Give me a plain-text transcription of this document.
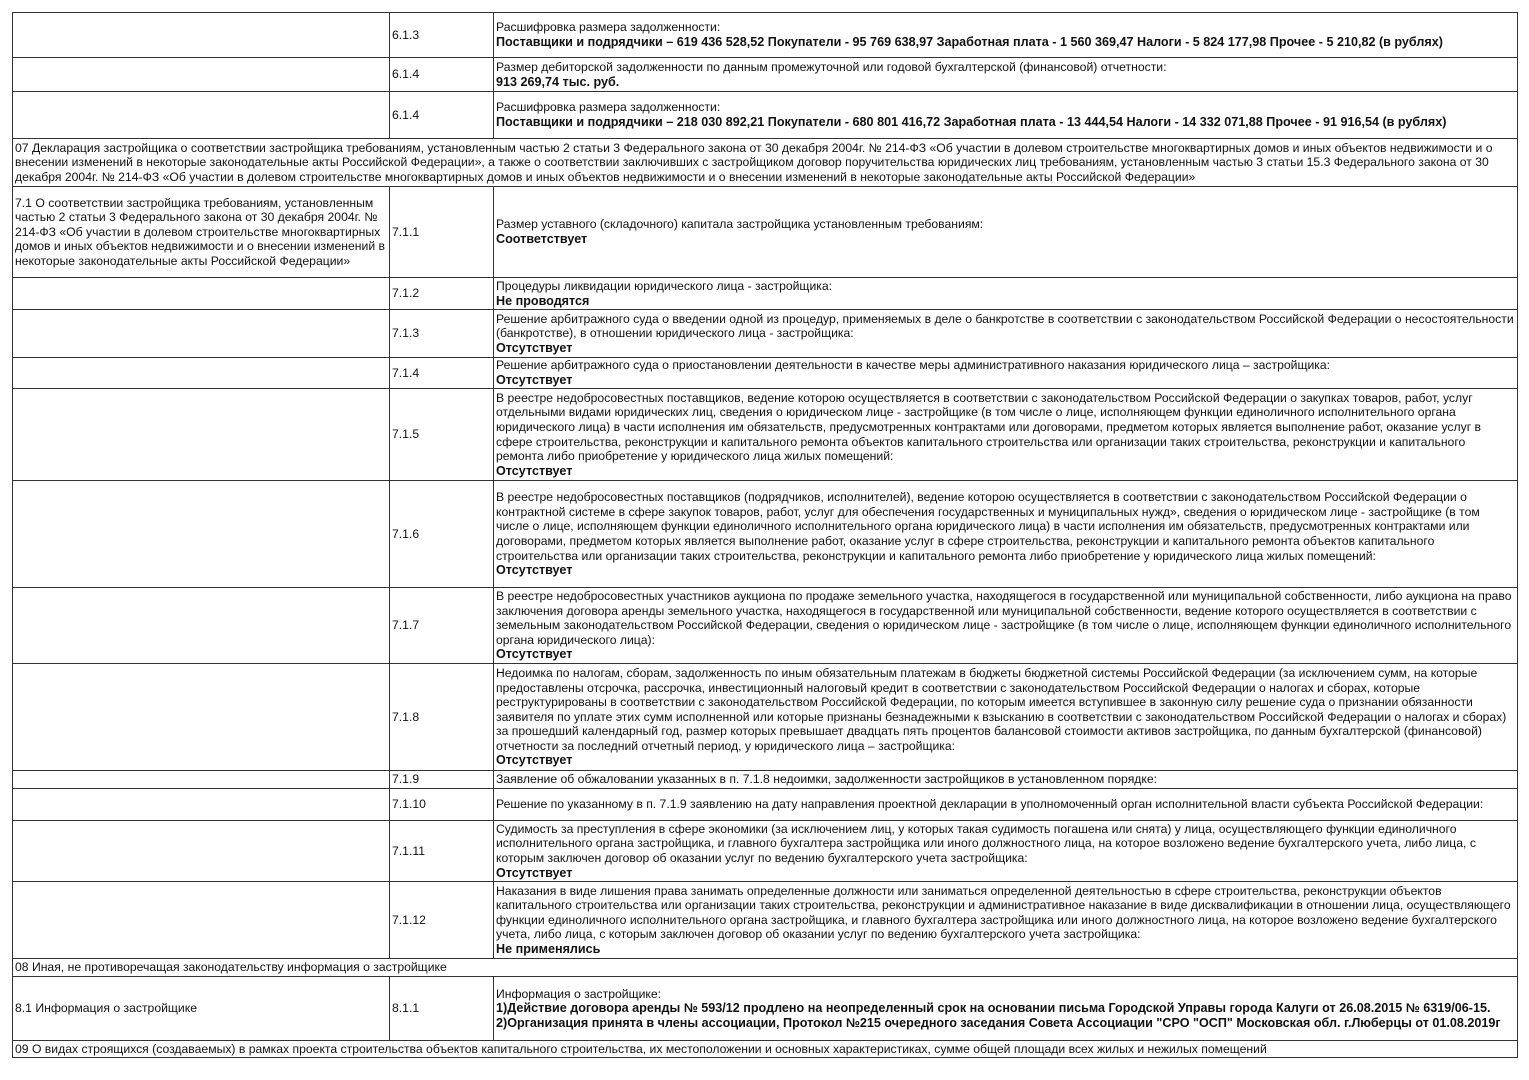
	6.1.3	Расшифровка размера задолженности:
Поставщики и подрядчики – 619 436 528,52 Покупатели - 95 769 638,97 Заработная плата - 1 560 369,47 Налоги - 5 824 177,98 Прочее - 5 210,82 (в рублях)
	6.1.4	Размер дебиторской задолженности по данным промежуточной или годовой бухгалтерской (финансовой) отчетности:
913 269,74 тыс. руб.
	6.1.4	Расшифровка размера задолженности:
Поставщики и подрядчики – 218 030 892,21 Покупатели - 680 801 416,72 Заработная плата - 13 444,54 Налоги - 14 332 071,88 Прочее - 91 916,54 (в рублях)
07 Декларация застройщика о соответствии застройщика требованиям, установленным частью 2 статьи 3 Федерального закона от 30 декабря 2004г. № 214-ФЗ «Об участии в долевом строительстве многоквартирных домов и иных объектов недвижимости и о внесении изменений в некоторые законодательные акты Российской Федерации», а также о соответствии заключивших с застройщиком договор поручительства юридических лиц требованиям, установленным частью 3 статьи 15.3 Федерального закона от 30 декабря 2004г. № 214-ФЗ «Об участии в долевом строительстве многоквартирных домов и иных объектов недвижимости и о внесении изменений в некоторые законодательные акты Российской Федерации»		
7.1 О соответствии застройщика требованиям, установленным частью 2 статьи 3 Федерального закона от 30 декабря 2004г. № 214-ФЗ «Об участии в долевом строительстве многоквартирных домов и иных объектов недвижимости и о внесении изменений в некоторые законодательные акты Российской Федерации»	7.1.1	Размер уставного (складочного) капитала застройщика установленным требованиям:
Соответствует
	7.1.2	Процедуры ликвидации юридического лица - застройщика:
Не проводятся
	7.1.3	Решение арбитражного суда о введении одной из процедур, применяемых в деле о банкротстве в соответствии с законодательством Российской Федерации о несостоятельности (банкротстве), в отношении юридического лица - застройщика:
Отсутствует
	7.1.4	Решение арбитражного суда о приостановлении деятельности в качестве меры административного наказания юридического лица – застройщика:
Отсутствует
	7.1.5	В реестре недобросовестных поставщиков, ведение которою осуществляется в соответствии с законодательством Российской Федерации о закупках товаров, работ, услуг отдельными видами юридических лиц, сведения о юридическом лице - застройщике (в том числе о лице, исполняющем функции единоличного исполнительного органа юридического лица) в части исполнения им обязательств, предусмотренных контрактами или договорами, предметом которых является выполнение работ, оказание услуг в сфере строительства, реконструкции и капитального ремонта объектов капитального строительства или организации таких строительства, реконструкции и капитального ремонта либо приобретение у юридического лица жилых помещений:
Отсутствует
	7.1.6	В реестре недобросовестных поставщиков (подрядчиков, исполнителей), ведение которою осуществляется в соответствии с законодательством Российской Федерации о контрактной системе в сфере закупок товаров, работ, услуг для обеспечения государственных и муниципальных нужд», сведения о юридическом лице - застройщике (в том числе о лице, исполняющем функции единоличного исполнительного органа юридического лица) в части исполнения им обязательств, предусмотренных контрактами или договорами, предметом которых является выполнение работ, оказание услуг в сфере строительства, реконструкции и капитального ремонта объектов капитального строительства или организации таких строительства, реконструкции и капитального ремонта либо приобретение у юридического лица жилых помещений:
Отсутствует
	7.1.7	В реестре недобросовестных участников аукциона по продаже земельного участка, находящегося в государственной или муниципальной собственности, либо аукциона на право заключения договора аренды земельного участка, находящегося в государственной или муниципальной собственности, ведение которого осуществляется в соответствии с земельным законодательством Российской Федерации, сведения о юридическом лице - застройщике (в том числе о лице, исполняющем функции единоличного исполнительного органа юридического лица):
Отсутствует
	7.1.8	Недоимка по налогам, сборам, задолженность по иным обязательным платежам в бюджеты бюджетной системы Российской Федерации (за исключением сумм, на которые предоставлены отсрочка, рассрочка, инвестиционный налоговый кредит в соответствии с законодательством Российской Федерации о налогах и сборах, которые реструктурированы в соответствии с законодательством Российской Федерации, по которым имеется вступившее в законную силу решение суда о признании обязанности заявителя по уплате этих сумм исполненной или которые признаны безнадежными к взысканию в соответствии с законодательством Российской Федерации о налогах и сборах) за прошедший календарный год, размер которых превышает двадцать пять процентов балансовой стоимости активов застройщика, по данным бухгалтерской (финансовой) отчетности за последний отчетный период, у юридического лица – застройщика:
Отсутствует
	7.1.9	Заявление об обжаловании указанных в п. 7.1.8 недоимки, задолженности застройщиков в установленном порядке:

	7.1.10	Решение по указанному в п. 7.1.9 заявлению на дату направления проектной декларации в уполномоченный орган исполнительной власти субъекта Российской Федерации:

	7.1.11	Судимость за преступления в сфере экономики (за исключением лиц, у которых такая судимость погашена или снята) у лица, осуществляющего функции единоличного исполнительного органа застройщика, и главного бухгалтера застройщика или иного должностного лица, на которое возложено ведение бухгалтерского учета, либо лица, с которым заключен договор об оказании услуг по ведению бухгалтерского учета застройщика:
Отсутствует
	7.1.12	Наказания в виде лишения права занимать определенные должности или заниматься определенной деятельностью в сфере строительства, реконструкции объектов капитального строительства или организации таких строительства, реконструкции и административное наказание в виде дисквалификации в отношении лица, осуществляющего функции единоличного исполнительного органа застройщика, и главного бухгалтера застройщика или иного должностного лица, на которое возложено ведение бухгалтерского учета, либо лица, с которым заключен договор об оказании услуг по ведению бухгалтерского учета застройщика:
Не применялись
08 Иная, не противоречащая законодательству информация о застройщике		
8.1 Информация о застройщике	8.1.1	Информация о застройщике:
1)Действие договора аренды № 593/12 продлено на неопределенный срок на основании письма Городской Управы города Калуги от 26.08.2015 № 6319/06-15. 2)Организация принята в члены ассоциации, Протокол №215 очередного заседания Совета Ассоциации "СРО "ОСП" Московская обл. г.Люберцы от 01.08.2019г
09 О видах строящихся (создаваемых) в рамках проекта строительства объектов капитального строительства, их местоположении и основных характеристиках, сумме общей площади всех жилых и нежилых помещений		
